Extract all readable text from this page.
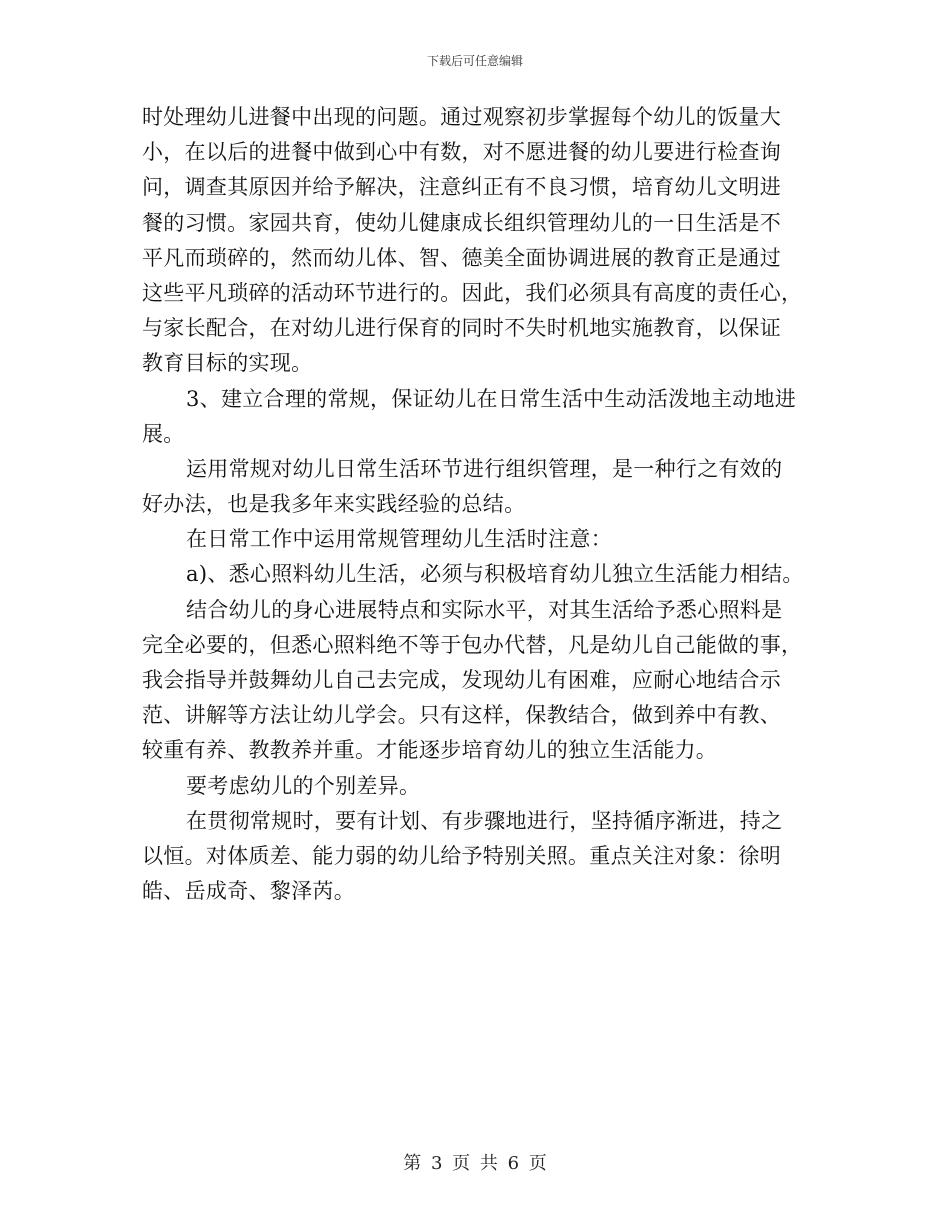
下载后可任意编辑
时处理幼儿进餐中出现的问题。通过观察初步掌握每个幼儿的饭量大
小，在以后的进餐中做到心中有数，对不愿进餐的幼儿要进行检查询
问，调查其原因并给予解决，注意纠正有不良习惯，培育幼儿文明进
餐的习惯。家园共育，使幼儿健康成长组织管理幼儿的一日生活是不
平凡而琐碎的，然而幼儿体、智、德美全面协调进展的教育正是通过
这些平凡琐碎的活动环节进行的。因此，我们必须具有高度的责任心，
与家长配合，在对幼儿进行保育的同时不失时机地实施教育，以保证
教育目标的实现。
3、建立合理的常规，保证幼儿在日常生活中生动活泼地主动地进
展。
运用常规对幼儿日常生活环节进行组织管理，是一种行之有效的
好办法，也是我多年来实践经验的总结。
在日常工作中运用常规管理幼儿生活时注意：
a)、悉心照料幼儿生活，必须与积极培育幼儿独立生活能力相结。
结合幼儿的身心进展特点和实际水平，对其生活给予悉心照料是
完全必要的，但悉心照料绝不等于包办代替，凡是幼儿自己能做的事，
我会指导并鼓舞幼儿自己去完成，发现幼儿有困难，应耐心地结合示
范、讲解等方法让幼儿学会。只有这样，保教结合，做到养中有教、
较重有养、教教养并重。才能逐步培育幼儿的独立生活能力。
要考虑幼儿的个别差异。
在贯彻常规时，要有计划、有步骤地进行，坚持循序渐进，持之
以恒。对体质差、能力弱的幼儿给予特别关照。重点关注对象：徐明
皓、岳成奇、黎泽芮。
第 3 页 共 6 页
